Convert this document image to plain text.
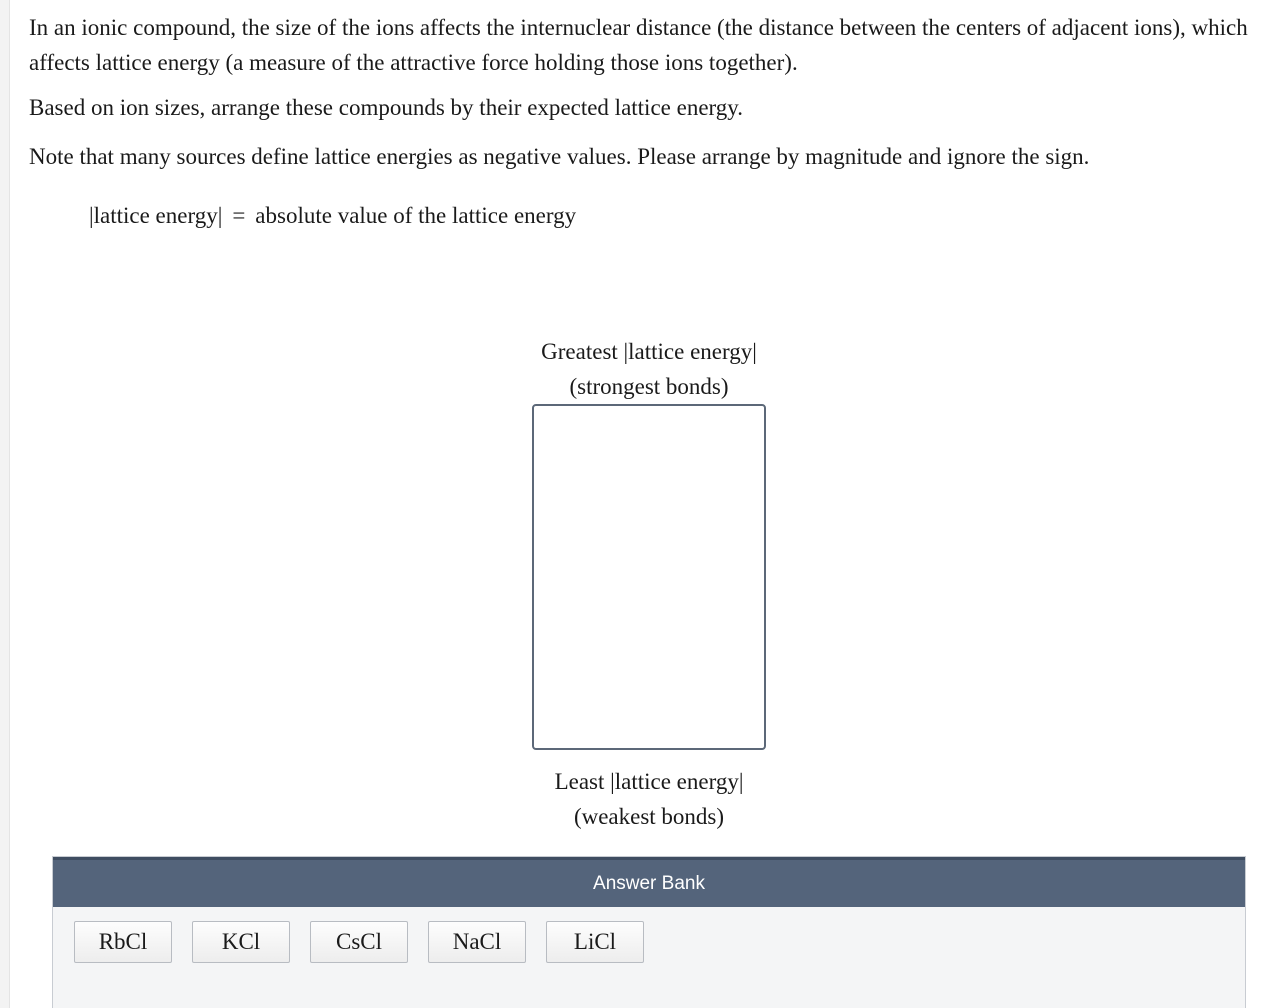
In an ionic compound, the size of the ions affects the internuclear distance (the distance between the centers of adjacent ions), which affects lattice energy (a measure of the attractive force holding those ions together).

Based on ion sizes, arrange these compounds by their expected lattice energy.

Note that many sources define lattice energies as negative values. Please arrange by magnitude and ignore the sign.

|lattice energy| = absolute value of the lattice energy
Greatest |lattice energy|
(strongest bonds)
Least |lattice energy|
(weakest bonds)
Answer Bank
RbCl	KCl	CsCl	NaCl	LiCl
